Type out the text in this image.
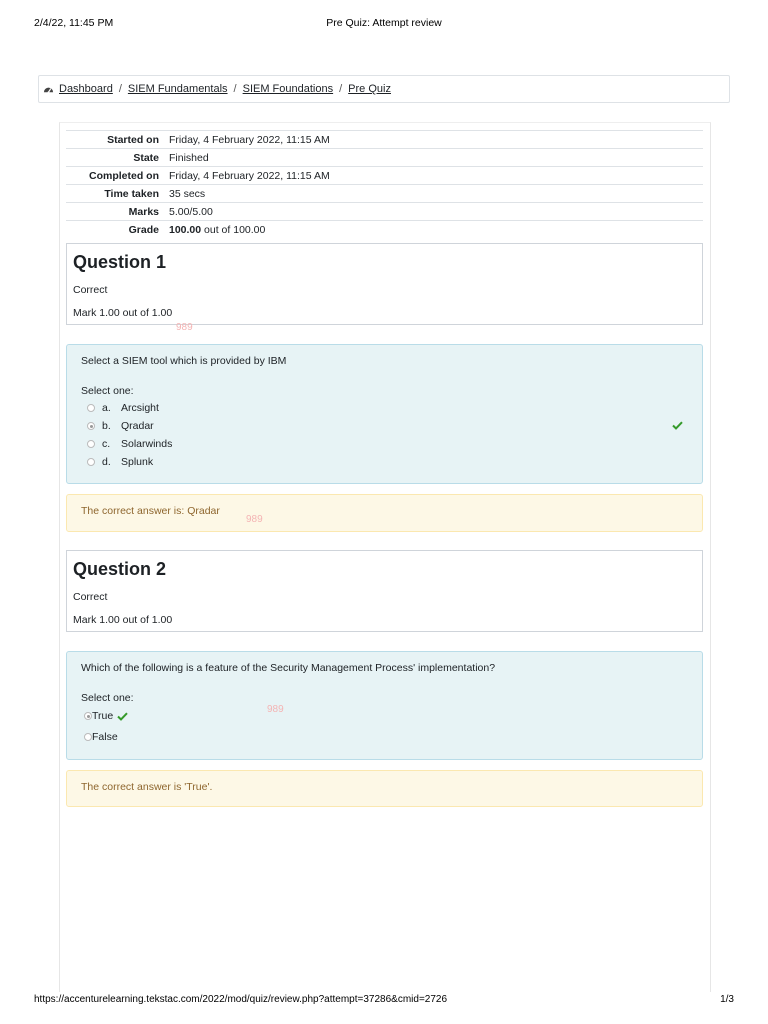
2/4/22, 11:45 PM	Pre Quiz: Attempt review
Dashboard / SIEM Fundamentals / SIEM Foundations / Pre Quiz
Started on Friday, 4 February 2022, 11:15 AM
State Finished
Completed on Friday, 4 February 2022, 11:15 AM
Time taken 35 secs
Marks 5.00/5.00
Grade 100.00 out of 100.00
Question 1
Correct
Mark 1.00 out of 1.00
989
Select a SIEM tool which is provided by IBM
Select one:
a. Arcsight
b. Qradar
c.	Solarwinds
d. Splunk
The correct answer is: Qradar
989
Question 2
Correct
Mark 1.00 out of 1.00
Which of the following is a feature of the Security Management Process' implementation?
Select one:
True
False
989
The correct answer is 'True'.
https://accenturelearning.tekstac.com/2022/mod/quiz/review.php?attempt=37286&cmid=2726	1/3
